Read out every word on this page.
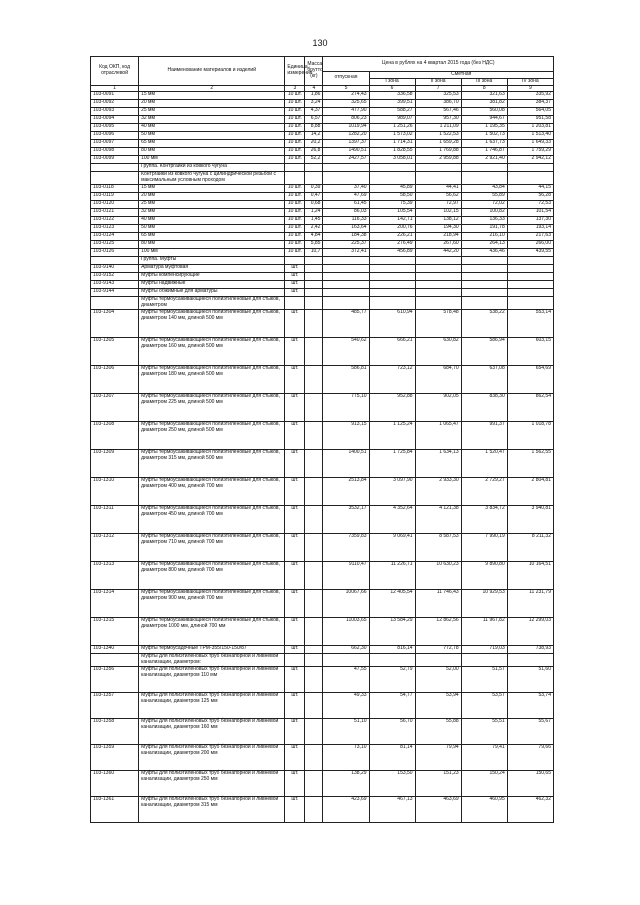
130
Код ОКП, код отраслевой	Наименование материалов и изделий	Единица измерения	Масса брутто (кг)	Цена в рублях на 4 квартал 2015 года (без НДС)				
				отпускная	Сметная			
					I зона	II зона	III зона	IV зона
1	2	3	4	5	6	7	8	9
103-0091	15 мм	10 шт.	1,86	274,43	336,58	325,53	321,63	335,92
103-0092	20 мм	10 шт.	3,24	325,65	399,51	386,70	381,82	384,37
103-0093	25 мм	10 шт.	4,37	477,90	588,27	567,46	560,08	564,05
103-0094	32 мм	10 шт.	6,57	806,23	989,07	957,30	944,67	951,58
103-0095	40 мм	10 шт.	8,88	1019,94	1 251,26	1 211,09	1 195,35	1 203,81
103-0096	50 мм	10 шт.	14,2	1282,20	1 573,02	1 522,53	1 502,73	1 513,40
103-0097	65 мм	10 шт.	20,2	1397,37	1 714,31	1 659,28	1 637,73	1 649,33
103-0098	80 мм	10 шт.	26,8	1490,51	1 828,55	1 769,88	1 746,87	1 759,29
103-0099	100 мм	10 шт.	52,2	2427,57	3 058,01	2 959,88	2 921,40	2 942,12
	Группа. Контргайки из ковкого чугуна							
	Контргайки из ковкого чугуна с цилиндрической резьбой с максимальным условным проходом							
103-0118	15 мм	10 шт.	0,39	37,40	45,89	44,41	43,84	44,15
103-0119	20 мм	10 шт.	0,47	47,69	58,50	56,62	55,89	56,28
103-0120	25 мм	10 шт.	0,68	61,45	75,39	72,97	72,02	72,53
103-0121	32 мм	10 шт.	1,24	86,03	105,54	102,15	100,82	101,54
103-0122	40 мм	10 шт.	1,45	116,33	142,71	138,12	136,33	137,30
103-0123	50 мм	10 шт.	2,42	163,64	200,76	194,30	191,78	193,14
103-0124	65 мм	10 шт.	4,84	184,38	226,21	218,94	216,10	217,63
103-0125	80 мм	10 шт.	5,85	225,37	276,49	267,60	264,13	266,00
103-0126	100 мм	10 шт.	10,7	372,41	456,89	442,20	436,46	439,55
	Группа. Муфты							
103-9140	Арматура муфтовая	шт.						
103-9152	Муфты компенсирующие	шт.						
103-9143	Муфты надвижные	шт.						
103-9144	Муфты обжимные для арматуры	шт.						
	Муфты термоусаживающиеся полиэтиленовые для стыков, диаметром							
103-1304	Муфты термоусаживающиеся полиэтиленовые для стыков, диаметром 140 мм, длиной 500 мм	шт.		485,77	610,94	578,48	538,22	553,14
103-1305	Муфты термоусаживающиеся полиэтиленовые для стыков, диаметром 160 мм, длиной 500 мм	шт.		540,62	666,21	630,82	586,94	603,15
103-1306	Муфты термоусаживающиеся полиэтиленовые для стыков, диаметром 180 мм, длиной 500 мм	шт.		586,81	723,12	684,70	637,08	654,69
103-1307	Муфты термоусаживающиеся полиэтиленовые для стыков, диаметром 225 мм, длиной 500 мм	шт.		775,10	952,88	902,05	838,30	862,54
103-1308	Муфты термоусаживающиеся полиэтиленовые для стыков, диаметром 250 мм, длиной 500 мм	шт.		913,15	1 125,24	1 065,47	991,37	1 018,78
103-1309	Муфты термоусаживающиеся полиэтиленовые для стыков, диаметром 315 мм, длиной 500 мм	шт.		1400,51	1 725,84	1 634,13	1 520,47	1 562,55
103-1310	Муфты термоусаживающиеся полиэтиленовые для стыков, диаметром 400 мм, длиной 700 мм	шт.		2513,84	3 097,90	2 933,30	2 729,27	2 804,81
103-1311	Муфты термоусаживающиеся полиэтиленовые для стыков, диаметром 450 мм, длиной 700 мм	шт.		3532,17	4 352,64	4 121,38	3 834,72	3 940,81
103-1312	Муфты термоусаживающиеся полиэтиленовые для стыков, диаметром 710 мм, длиной 700 мм	шт.		7359,83	9 069,41	8 587,53	7 990,19	8 211,32
103-1313	Муфты термоусаживающиеся полиэтиленовые для стыков, диаметром 800 мм, длиной 700 мм	шт.		9110,47	11 226,71	10 630,23	9 890,80	10 164,51
103-1314	Муфты термоусаживающиеся полиэтиленовые для стыков, диаметром 900 мм, длиной 700 мм	шт.		10067,66	12 405,54	11 746,43	10 929,53	11 231,79
103-1315	Муфты термоусаживающиеся полиэтиленовые для стыков, диаметром 1000 мм, длиной 700 мм	шт.		11003,65	13 584,29	12 862,56	11 967,82	12 299,03
103-1340	Муфты термоусадочные ТРМ-355/150-150/87	шт.		662,30	816,14	772,78	719,03	738,93
	Муфты для полиэтиленовых труб безнапорной и ливневой канализации, диаметром:							
103-1356	Муфты для полиэтиленовых труб безнапорной и ливневой канализации, диаметром 110 мм	шт.		47,55	52,79	52,00	51,57	51,60
103-1357	Муфты для полиэтиленовых труб безнапорной и ливневой канализации, диаметром 125 мм	шт.		49,33	54,77	53,94	53,57	53,74
103-1358	Муфты для полиэтиленовых труб безнапорной и ливневой канализации, диаметром 160 мм	шт.		51,10	56,70	55,88	55,51	55,67
103-1359	Муфты для полиэтиленовых труб безнапорной и ливневой канализации, диаметром 200 мм	шт.		73,10	81,14	79,94	79,41	79,66
103-1360	Муфты для полиэтиленовых труб безнапорной и ливневой канализации, диаметром 250 мм	шт.		138,29	153,50	151,23	150,24	150,65
103-1361	Муфты для полиэтиленовых труб безнапорной и ливневой канализации, диаметром 315 мм	шт.		423,69	467,13	463,69	460,95	462,32
